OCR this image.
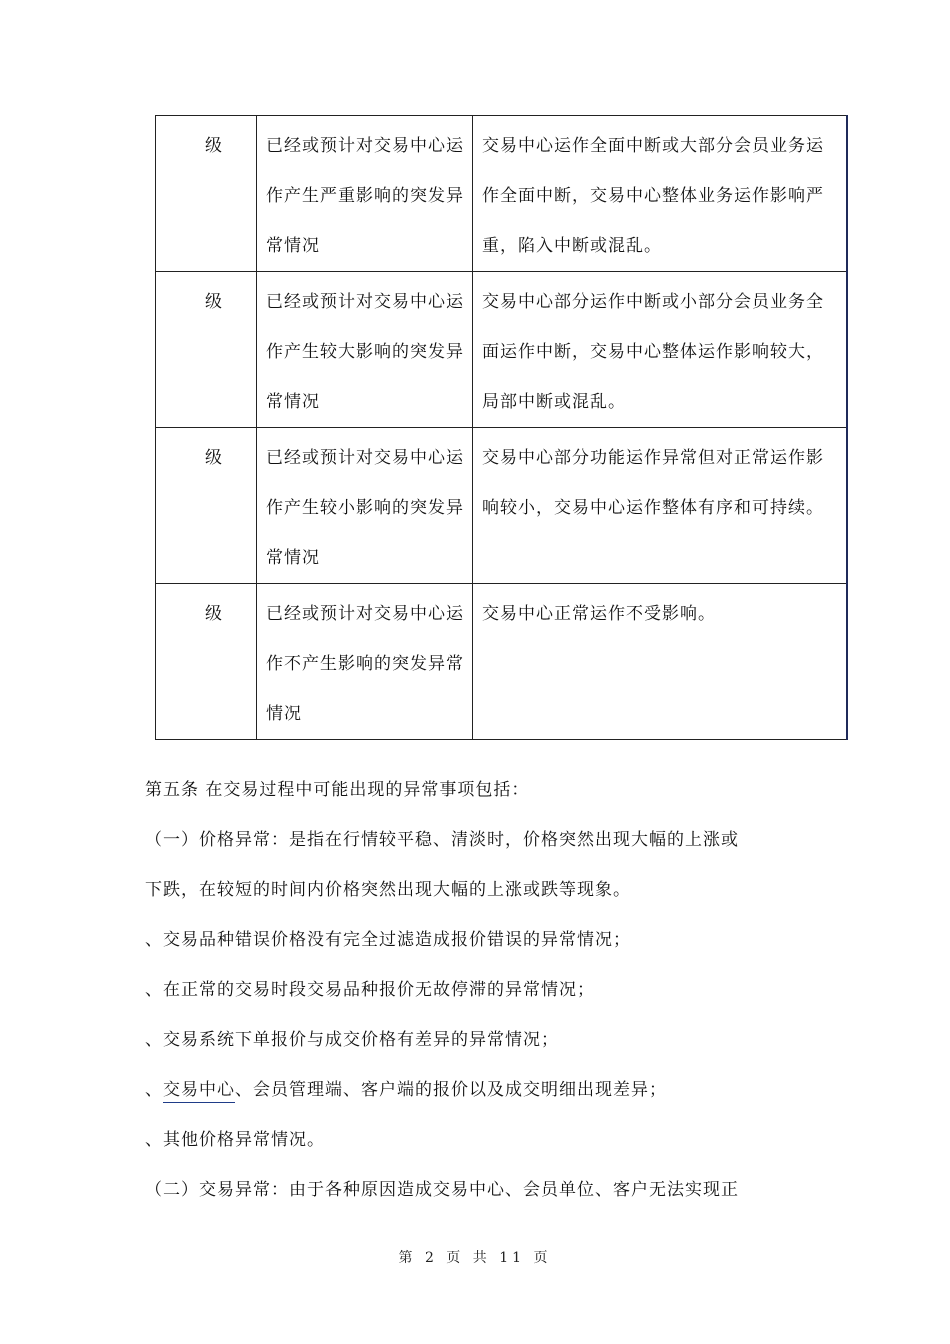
级	已经或预计对交易中心运作产生严重影响的突发异常情况	交易中心运作全面中断或大部分会员业务运作全面中断，交易中心整体业务运作影响严重，陷入中断或混乱。
级	已经或预计对交易中心运作产生较大影响的突发异常情况	交易中心部分运作中断或小部分会员业务全面运作中断，交易中心整体运作影响较大，局部中断或混乱。
级	已经或预计对交易中心运作产生较小影响的突发异常情况	交易中心部分功能运作异常但对正常运作影响较小，交易中心运作整体有序和可持续。
级	已经或预计对交易中心运作不产生影响的突发异常情况	交易中心正常运作不受影响。

第五条 在交易过程中可能出现的异常事项包括：

（一）价格异常：是指在行情较平稳、清淡时，价格突然出现大幅的上涨或

下跌，在较短的时间内价格突然出现大幅的上涨或跌等现象。

、交易品种错误价格没有完全过滤造成报价错误的异常情况；

、在正常的交易时段交易品种报价无故停滞的异常情况；

、交易系统下单报价与成交价格有差异的异常情况；

、交易中心、会员管理端、客户端的报价以及成交明细出现差异；

、其他价格异常情况。

（二）交易异常：由于各种原因造成交易中心、会员单位、客户无法实现正

第 2 页 共 11 页
